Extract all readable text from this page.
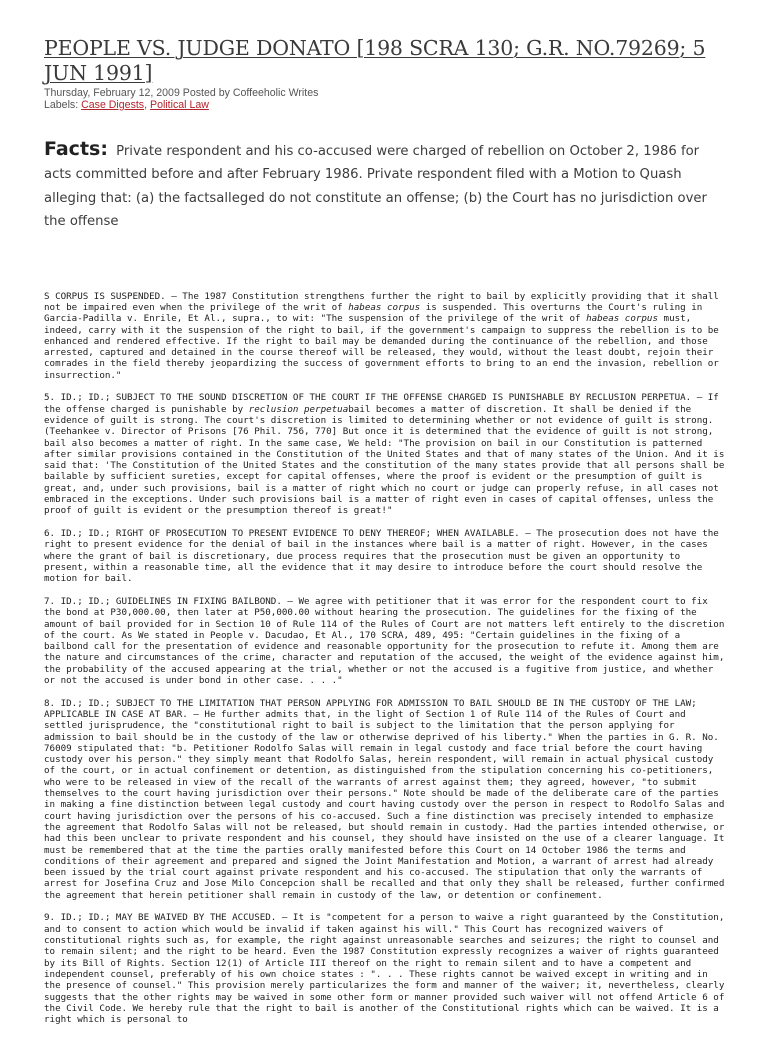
PEOPLE VS. JUDGE DONATO [198 SCRA 130; G.R. NO.79269; 5 JUN 1991]
Thursday, February 12, 2009 Posted by Coffeeholic Writes
Labels: Case Digests, Political Law
Facts: Private respondent and his co-accused were charged of rebellion on October 2, 1986 for acts committed before and after February 1986. Private respondent filed with a Motion to Quash alleging that: (a) the factsalleged do not constitute an offense; (b) the Court has no jurisdiction over the offense

S CORPUS IS SUSPENDED. — The 1987 Constitution strengthens further the right to bail by explicitly providing that it shall not be impaired even when the privilege of the writ of habeas corpus is suspended. This overturns the Court's ruling in Garcia-Padilla v. Enrile, Et Al., supra., to wit: "The suspension of the privilege of the writ of habeas corpus must, indeed, carry with it the suspension of the right to bail, if the government's campaign to suppress the rebellion is to be enhanced and rendered effective. If the right to bail may be demanded during the continuance of the rebellion, and those arrested, captured and detained in the course thereof will be released, they would, without the least doubt, rejoin their comrades in the field thereby jeopardizing the success of government efforts to bring to an end the invasion, rebellion or insurrection."

5. ID.; ID.; SUBJECT TO THE SOUND DISCRETION OF THE COURT IF THE OFFENSE CHARGED IS PUNISHABLE BY RECLUSION PERPETUA. — If the offense charged is punishable by reclusion perpetuabail becomes a matter of discretion. It shall be denied if the evidence of guilt is strong. The court's discretion is limited to determining whether or not evidence of guilt is strong. (Teehankee v. Director of Prisons [76 Phil. 756, 770] But once it is determined that the evidence of guilt is not strong, bail also becomes a matter of right. In the same case, We held: "The provision on bail in our Constitution is patterned after similar provisions contained in the Constitution of the United States and that of many states of the Union. And it is said that: 'The Constitution of the United States and the constitution of the many states provide that all persons shall be bailable by sufficient sureties, except for capital offenses, where the proof is evident or the presumption of guilt is great, and, under such provisions, bail is a matter of right which no court or judge can properly refuse, in all cases not embraced in the exceptions. Under such provisions bail is a matter of right even in cases of capital offenses, unless the proof of guilt is evident or the presumption thereof is great!"

6. ID.; ID.; RIGHT OF PROSECUTION TO PRESENT EVIDENCE TO DENY THEREOF; WHEN AVAILABLE. — The prosecution does not have the right to present evidence for the denial of bail in the instances where bail is a matter of right. However, in the cases where the grant of bail is discretionary, due process requires that the prosecution must be given an opportunity to present, within a reasonable time, all the evidence that it may desire to introduce before the court should resolve the motion for bail.

7. ID.; ID.; GUIDELINES IN FIXING BAILBOND. — We agree with petitioner that it was error for the respondent court to fix the bond at P30,000.00, then later at P50,000.00 without hearing the prosecution. The guidelines for the fixing of the amount of bail provided for in Section 10 of Rule 114 of the Rules of Court are not matters left entirely to the discretion of the court. As We stated in People v. Dacudao, Et Al., 170 SCRA, 489, 495: "Certain guidelines in the fixing of a bailbond call for the presentation of evidence and reasonable opportunity for the prosecution to refute it. Among them are the nature and circumstances of the crime, character and reputation of the accused, the weight of the evidence against him, the probability of the accused appearing at the trial, whether or not the accused is a fugitive from justice, and whether or not the accused is under bond in other case. . . ."

8. ID.; ID.; SUBJECT TO THE LIMITATION THAT PERSON APPLYING FOR ADMISSION TO BAIL SHOULD BE IN THE CUSTODY OF THE LAW; APPLICABLE IN CASE AT BAR. — He further admits that, in the light of Section 1 of Rule 114 of the Rules of Court and settled jurisprudence, the "constitutional right to bail is subject to the limitation that the person applying for admission to bail should be in the custody of the law or otherwise deprived of his liberty." When the parties in G. R. No. 76009 stipulated that: "b. Petitioner Rodolfo Salas will remain in legal custody and face trial before the court having custody over his person." they simply meant that Rodolfo Salas, herein respondent, will remain in actual physical custody of the court, or in actual confinement or detention, as distinguished from the stipulation concerning his co-petitioners, who were to be released in view of the recall of the warrants of arrest against them; they agreed, however, "to submit themselves to the court having jurisdiction over their persons." Note should be made of the deliberate care of the parties in making a fine distinction between legal custody and court having custody over the person in respect to Rodolfo Salas and court having jurisdiction over the persons of his co-accused. Such a fine distinction was precisely intended to emphasize the agreement that Rodolfo Salas will not be released, but should remain in custody. Had the parties intended otherwise, or had this been unclear to private respondent and his counsel, they should have insisted on the use of a clearer language. It must be remembered that at the time the parties orally manifested before this Court on 14 October 1986 the terms and conditions of their agreement and prepared and signed the Joint Manifestation and Motion, a warrant of arrest had already been issued by the trial court against private respondent and his co-accused. The stipulation that only the warrants of arrest for Josefina Cruz and Jose Milo Concepcion shall be recalled and that only they shall be released, further confirmed the agreement that herein petitioner shall remain in custody of the law, or detention or confinement.

9. ID.; ID.; MAY BE WAIVED BY THE ACCUSED. — It is "competent for a person to waive a right guaranteed by the Constitution, and to consent to action which would be invalid if taken against his will." This Court has recognized waivers of constitutional rights such as, for example, the right against unreasonable searches and seizures; the right to counsel and to remain silent; and the right to be heard. Even the 1987 Constitution expressly recognizes a waiver of rights guaranteed by its Bill of Rights. Section 12(1) of Article III thereof on the right to remain silent and to have a competent and independent counsel, preferably of his own choice states : ". . . These rights cannot be waived except in writing and in the presence of counsel." This provision merely particularizes the form and manner of the waiver; it, nevertheless, clearly suggests that the other rights may be waived in some other form or manner provided such waiver will not offend Article 6 of the Civil Code. We hereby rule that the right to bail is another of the Constitutional rights which can be waived. It is a right which is personal to
